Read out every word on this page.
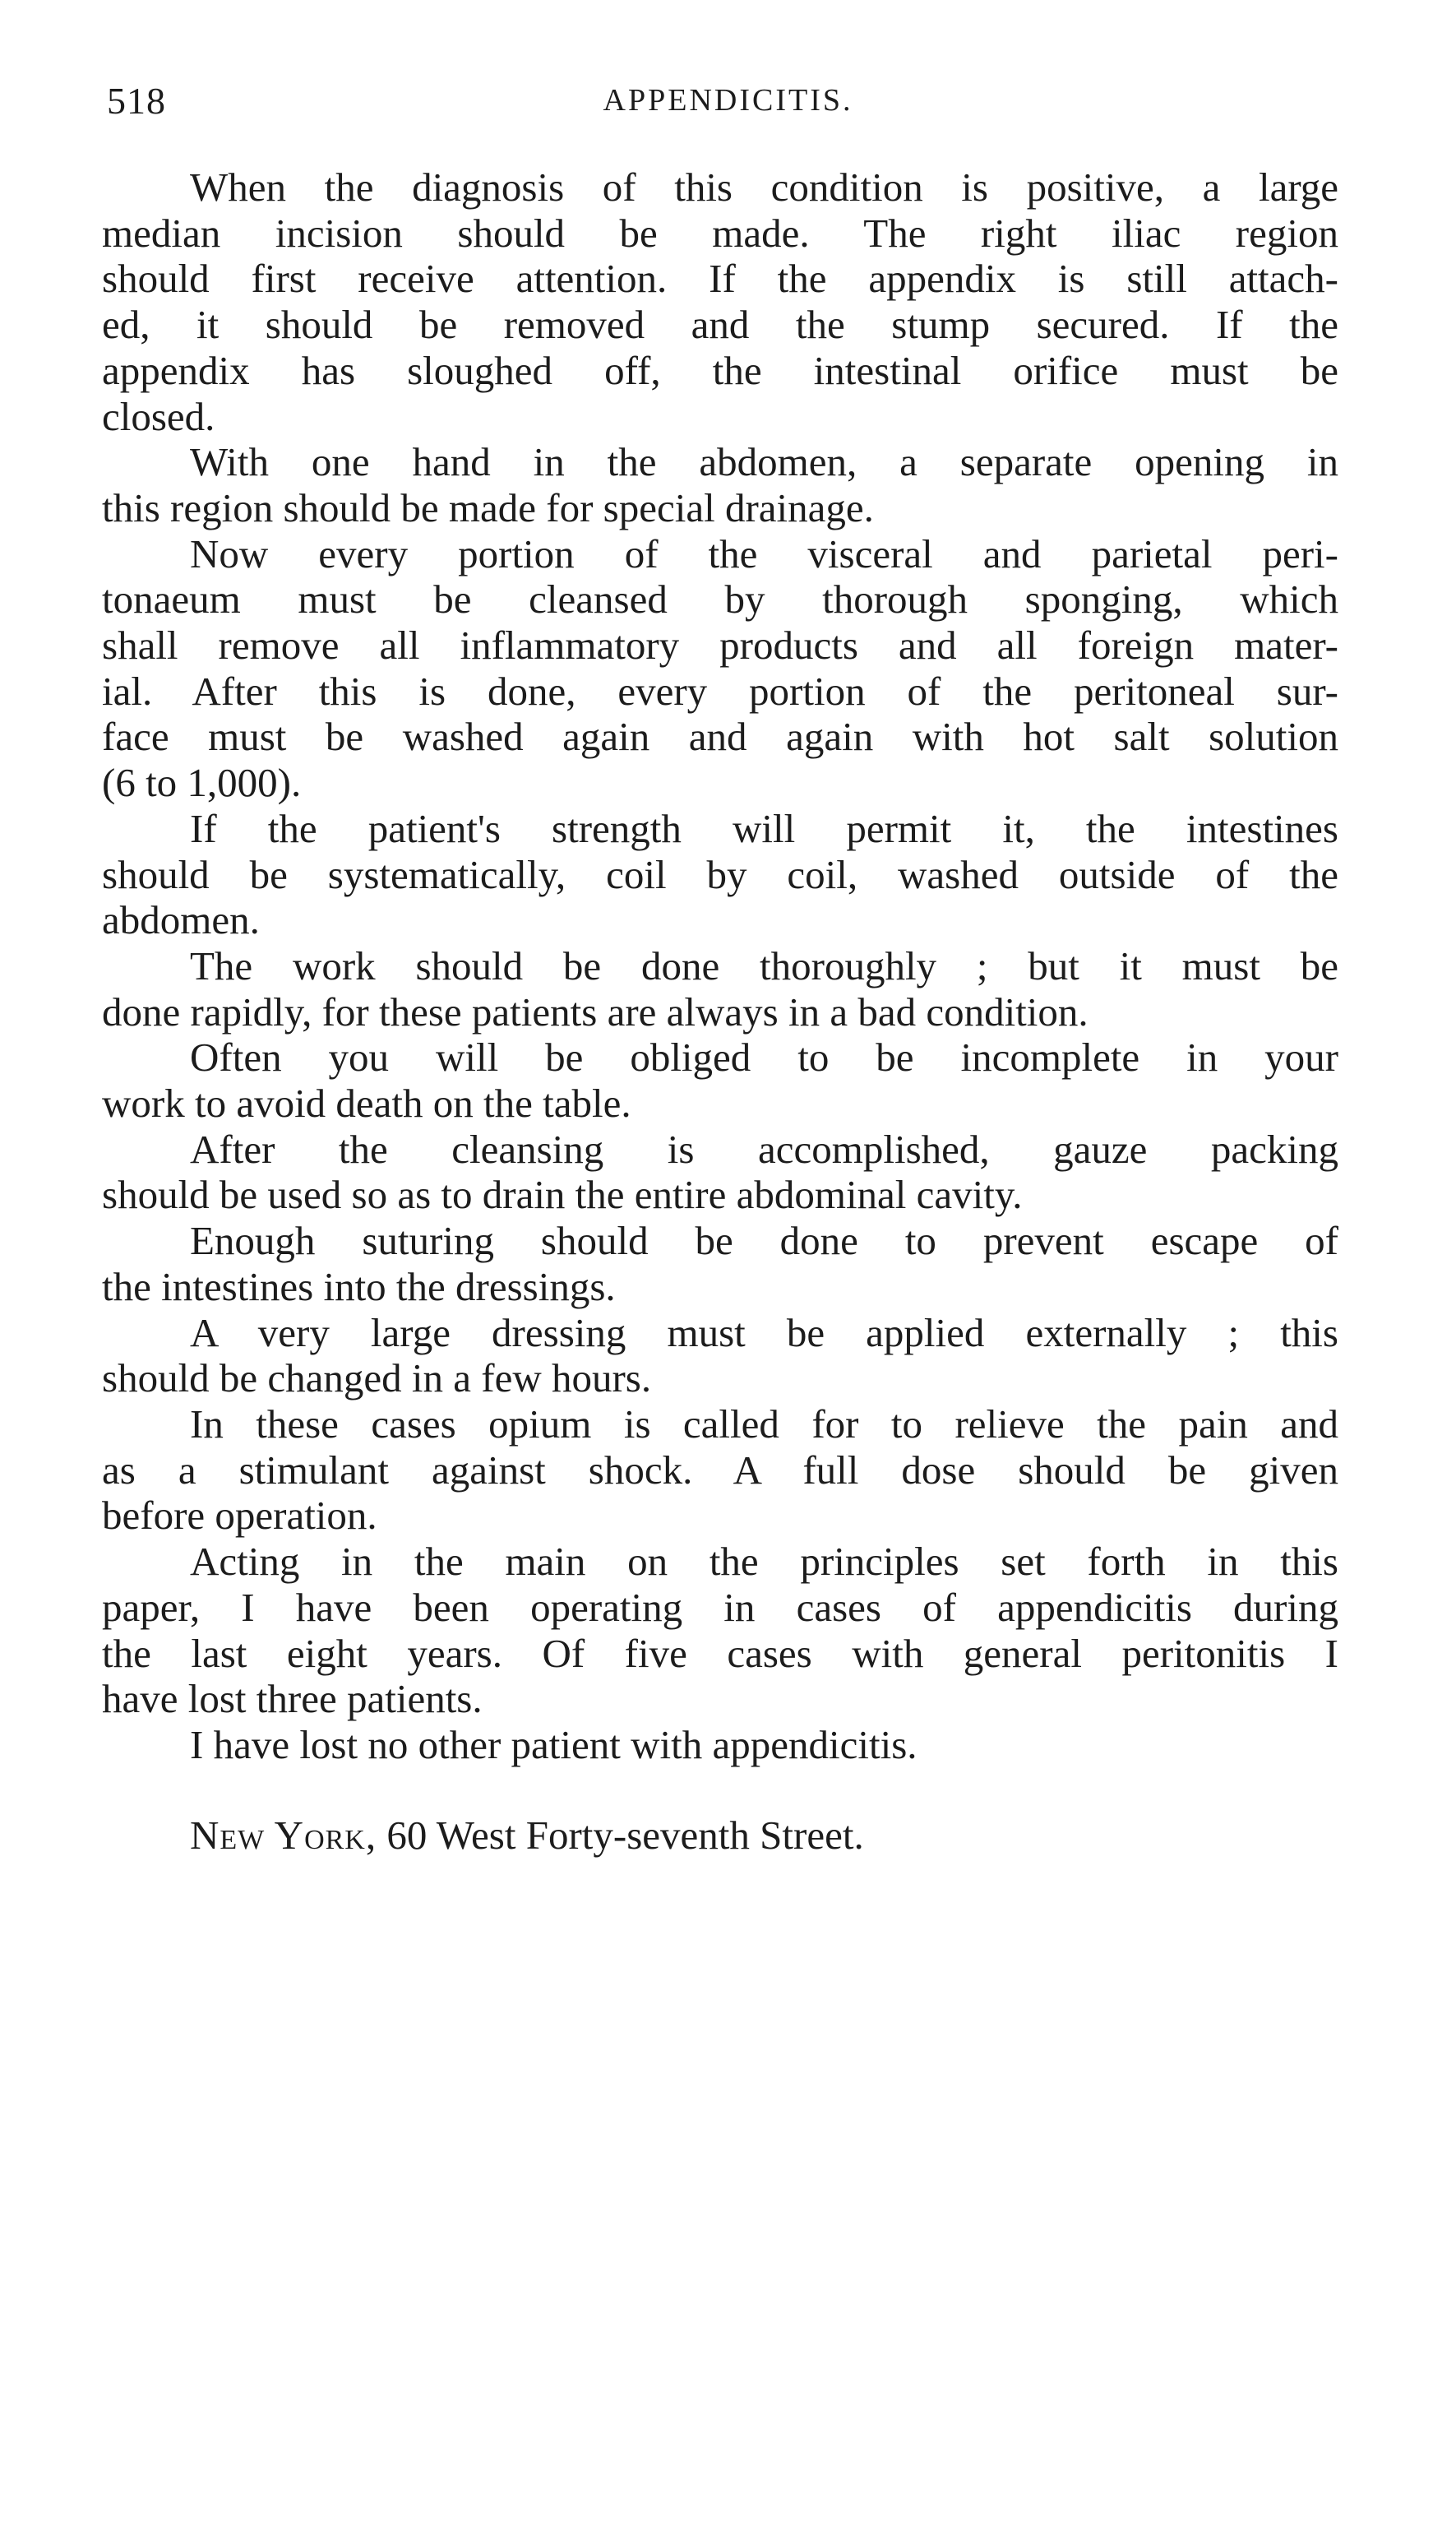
518	APPENDICITIS.

When the diagnosis of this condition is positive, a large
median incision should be made. The right iliac region
should first receive attention. If the appendix is still attach-
ed, it should be removed and the stump secured. If the
appendix has sloughed off, the intestinal orifice must be
closed.

With one hand in the abdomen, a separate opening in
this region should be made for special drainage.

Now every portion of the visceral and parietal peri-
tonaeum must be cleansed by thorough sponging, which
shall remove all inflammatory products and all foreign mater-
ial. After this is done, every portion of the peritoneal sur-
face must be washed again and again with hot salt solution
(6 to 1,000).

If the patient's strength will permit it, the intestines
should be systematically, coil by coil, washed outside of the
abdomen.

The work should be done thoroughly ; but it must be
done rapidly, for these patients are always in a bad condition.

Often you will be obliged to be incomplete in your
work to avoid death on the table.

After the cleansing is accomplished, gauze packing
should be used so as to drain the entire abdominal cavity.

Enough suturing should be done to prevent escape of
the intestines into the dressings.

A very large dressing must be applied externally ; this
should be changed in a few hours.

In these cases opium is called for to relieve the pain and
as a stimulant against shock. A full dose should be given
before operation.

Acting in the main on the principles set forth in this
paper, I have been operating in cases of appendicitis during
the last eight years. Of five cases with general peritonitis I
have lost three patients.

I have lost no other patient with appendicitis.

New York, 60 West Forty-seventh Street.
